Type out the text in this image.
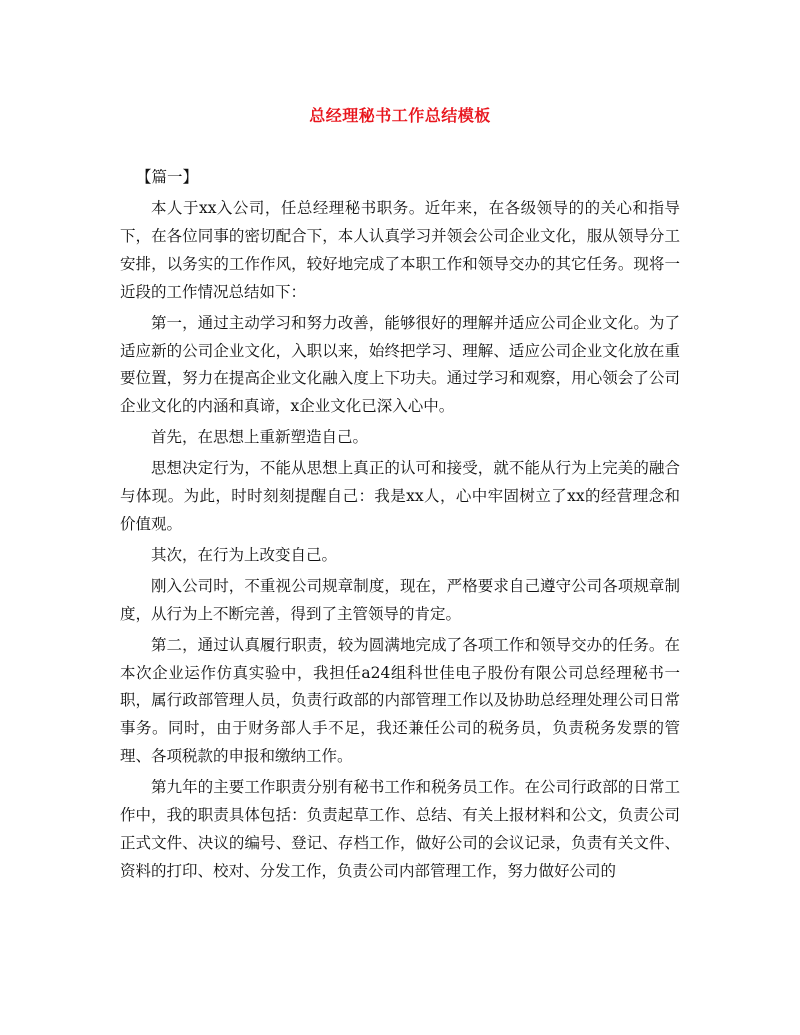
总经理秘书工作总结模板
【篇一】

本人于xx入公司，任总经理秘书职务。近年来，在各级领导的的关心和指导下，在各位同事的密切配合下，本人认真学习并领会公司企业文化，服从领导分工安排，以务实的工作作风，较好地完成了本职工作和领导交办的其它任务。现将一近段的工作情况总结如下：

第一，通过主动学习和努力改善，能够很好的理解并适应公司企业文化。为了适应新的公司企业文化，入职以来，始终把学习、理解、适应公司企业文化放在重要位置，努力在提高企业文化融入度上下功夫。通过学习和观察，用心领会了公司企业文化的内涵和真谛，x企业文化已深入心中。

首先，在思想上重新塑造自己。

思想决定行为，不能从思想上真正的认可和接受，就不能从行为上完美的融合与体现。为此，时时刻刻提醒自己：我是xx人，心中牢固树立了xx的经营理念和价值观。

其次，在行为上改变自己。

刚入公司时，不重视公司规章制度，现在，严格要求自己遵守公司各项规章制度，从行为上不断完善，得到了主管领导的肯定。

第二，通过认真履行职责，较为圆满地完成了各项工作和领导交办的任务。在本次企业运作仿真实验中，我担任a24组科世佳电子股份有限公司总经理秘书一职，属行政部管理人员，负责行政部的内部管理工作以及协助总经理处理公司日常事务。同时，由于财务部人手不足，我还兼任公司的税务员，负责税务发票的管理、各项税款的申报和缴纳工作。

第九年的主要工作职责分别有秘书工作和税务员工作。在公司行政部的日常工作中，我的职责具体包括：负责起草工作、总结、有关上报材料和公文，负责公司正式文件、决议的编号、登记、存档工作，做好公司的会议记录，负责有关文件、资料的打印、校对、分发工作，负责公司内部管理工作，努力做好公司的
